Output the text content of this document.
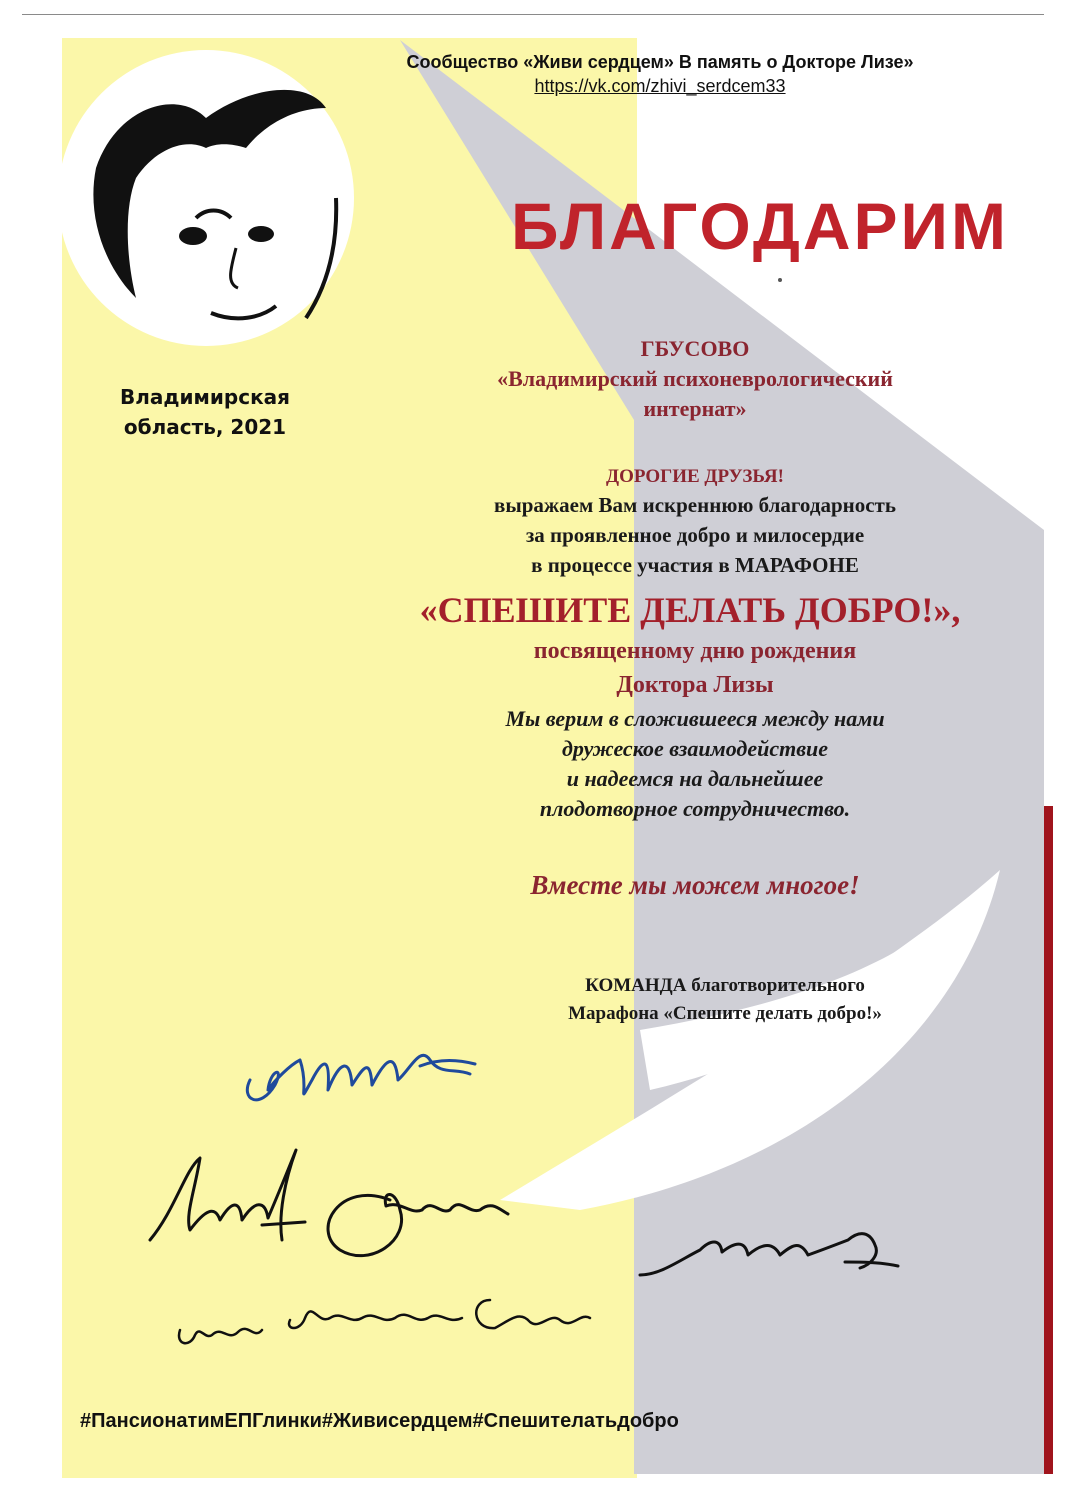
Владимирская
область, 2021
Сообщество «Живи сердцем» В память о Докторе Лизе»
https://vk.com/zhivi_serdcem33
БЛАГОДАРИМ
ГБУСОВО
«Владимирский психоневрологический
интернат»
ДОРОГИЕ ДРУЗЬЯ!
выражаем Вам искреннюю благодарность
за проявленное добро и милосердие
в процессе участия в МАРАФОНЕ
«СПЕШИТЕ ДЕЛАТЬ ДОБРО!»,
посвященному дню рождения
Доктора Лизы
Мы верим в сложившееся между нами
дружеское взаимодействие
и надеемся на дальнейшее
плодотворное сотрудничество.
Вместе мы можем многое!
КОМАНДА благотворительного
Марафона «Спешите делать добро!»
#ПансионатимЕПГлинки#Живисердцем#Спешителатьдобро
